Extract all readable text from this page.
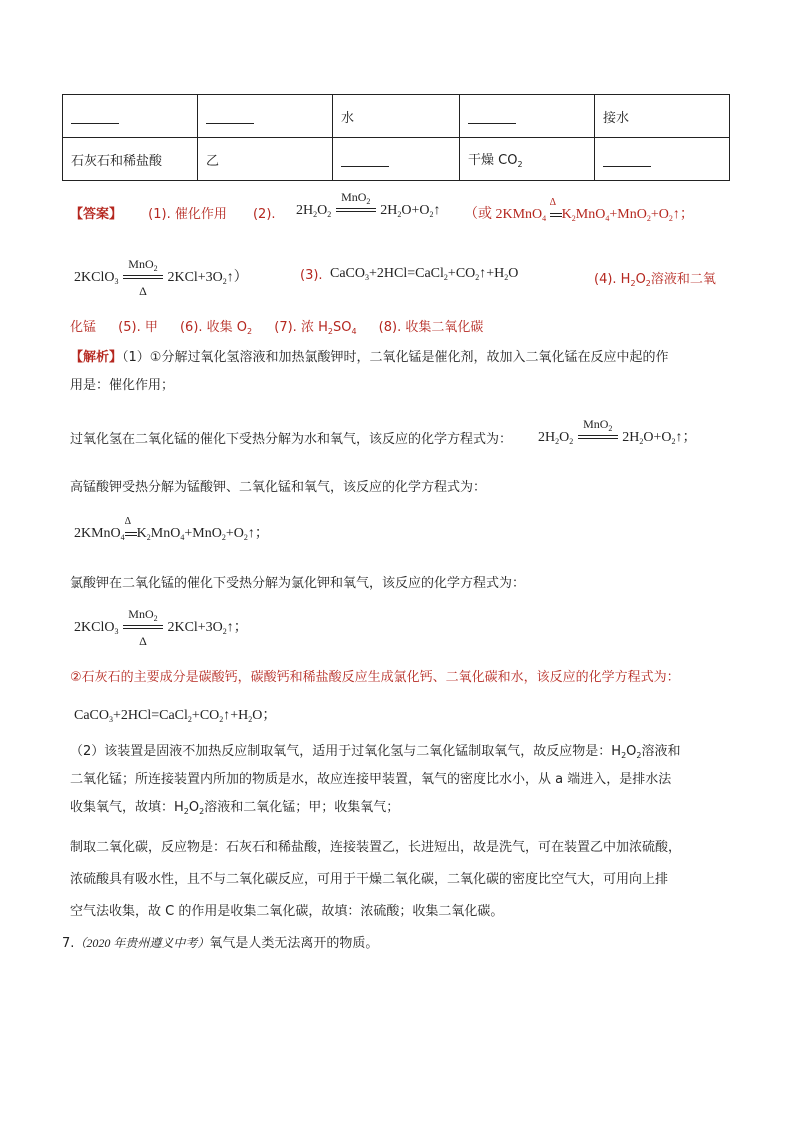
		水		接水
石灰石和稀盐酸	乙		干燥 $CO_2$	
【答案】 (1). 催化作用 (2). $2H_2O_2$
MnO$_2$
$2H_2O+O_2↑$ （或 2KMnO$_4$
Δ
$K_2MnO_4+MnO_2+O_2↑$；
2KClO$_3$
MnO$_2$
Δ
$2KCl+3O_2↑$）	(3). $CaCO_3+2HCl=CaCl_2+CO_2↑+H_2O$	(4). $H_2O_2$溶液和二氧
化锰 (5). 甲 (6). 收集 $O_2$ (7). 浓 $H_2SO_4$ (8). 收集二氧化碳
【解析】（1）①分解过氧化氢溶液和加热氯酸钾时，二氧化锰是催化剂，故加入二氧化锰在反应中起的作
用是：催化作用；
过氧化氢在二氧化锰的催化下受热分解为水和氧气，该反应的化学方程式为： $2H_2O_2$
MnO$_2$
$2H_2O+O_2↑$；
高锰酸钾受热分解为锰酸钾、二氧化锰和氧气，该反应的化学方程式为：
2KMnO$_4$
Δ
$K_2MnO_4+MnO_2+O_2↑$；
氯酸钾在二氧化锰的催化下受热分解为氯化钾和氧气，该反应的化学方程式为：
2KClO$_3$
MnO$_2$
Δ
$2KCl+3O_2↑$；
②石灰石的主要成分是碳酸钙，碳酸钙和稀盐酸反应生成氯化钙、二氧化碳和水，该反应的化学方程式为：
$CaCO_3+2HCl=CaCl_2+CO_2↑+H_2O$；
（2）该装置是固液不加热反应制取氧气，适用于过氧化氢与二氧化锰制取氧气，故反应物是：$H_2O_2$溶液和
二氧化锰；所连接装置内所加的物质是水，故应连接甲装置，氧气的密度比水小，从 a 端进入，是排水法
收集氧气，故填：$H_2O_2$溶液和二氧化锰；甲；收集氧气；
制取二氧化碳，反应物是：石灰石和稀盐酸，连接装置乙，长进短出，故是洗气，可在装置乙中加浓硫酸，
浓硫酸具有吸水性，且不与二氧化碳反应，可用于干燥二氧化碳，二氧化碳的密度比空气大，可用向上排
空气法收集，故 C 的作用是收集二氧化碳，故填：浓硫酸；收集二氧化碳。
7.（2020 年贵州遵义中考）氧气是人类无法离开的物质。
